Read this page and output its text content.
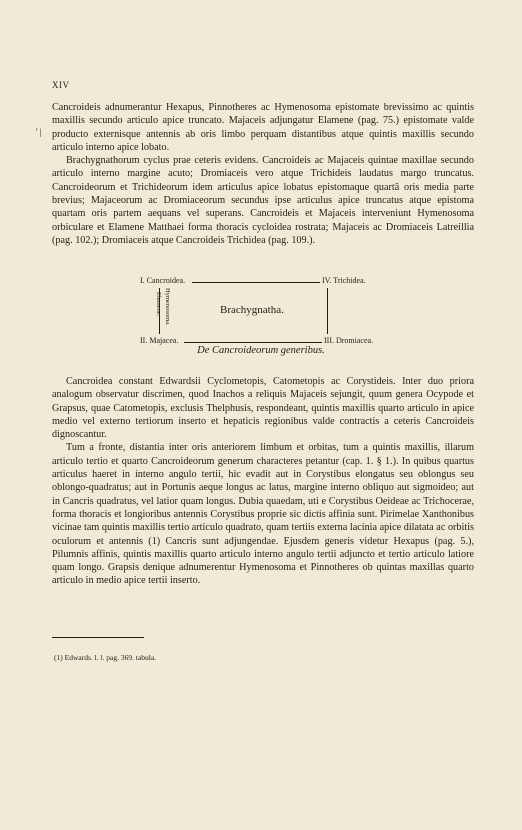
XIV
' |

Cancroideis adnumerantur Hexapus, Pinnotheres ac Hymenosoma epistomate brevissimo ac quintis maxillis secundo articulo apice truncato. Majaceis adjungatur Elamene (pag. 75.) epistomate valde producto externisque antennis ab oris limbo perquam distantibus atque quintis maxillis secundo articulo interno apice lobato.

Brachygnathorum cyclus prae ceteris evidens. Cancroideis ac Majaceis quintae maxillae secundo articulo interno margine acuto; Dromiaceis vero atque Trichideis laudatus margo truncatus. Cancroideorum et Trichideorum idem articulus apice lobatus epistomaque quartâ oris media parte brevius; Majaceorum ac Dromiaceorum secundus ipse articulus apice truncatus atque epistoma quartam oris partem aequans vel superans. Cancroideis et Majaceis interveniunt Hymenosoma orbiculare et Elamene Matthaei forma thoracis cycloidea rostrata; Majaceis ac Dromiaceis Latreillia (pag. 102.); Dromiaceis atque Cancroideis Trichidea (pag. 109.).

I. Cancroidea.	IV. Trichidea.
Hymenosoma.
Elamene.	Brachygnatha.
II. Majacea.	III. Dromiacea.
De Cancroideorum generibus.

Cancroidea constant Edwardsii Cyclometopis, Catometopis ac Corystideis. Inter duo priora analogum observatur discrimen, quod Inachos a reliquis Majaceis sejungit, quum genera Ocypode et Grapsus, quae Catometopis, exclusis Thelphusis, respondeant, quintis maxillis quarto articulo in apice medio vel externo tertiorum inserto et hepaticis regionibus valde contractis a ceteris Cancroideis dignoscantur.

Tum a fronte, distantia inter oris anteriorem limbum et orbitas, tum a quintis maxillis, illarum articulo tertio et quarto Cancroideorum generum characteres petantur (cap. 1. § 1.). In quibus quartus articulus haeret in interno angulo tertii, hic evadit aut in Corystibus elongatus seu oblongus seu oblongo-quadratus; aut in Portunis aeque longus ac latus, margine interno obliquo aut sigmoideo; aut in Cancris quadratus, vel latior quam longus. Dubia quaedam, uti e Corystibus Oeideae ac Trichocerae, forma thoracis et longioribus antennis Corystibus proprie sic dictis affinia sunt. Pirimelae Xanthonibus vicinae tam quintis maxillis tertio articulo quadrato, quam tertiis externa lacinia apice dilatata ac orbitis oculorum et antennis (1) Cancris sunt adjungendae. Ejusdem generis videtur Hexapus (pag. 5.), Pilumnis affinis, quintis maxillis quarto articulo interno angulo tertii adjuncto et tertio articulo latiore quam longo. Grapsis denique adnumerentur Hymenosoma et Pinnotheres ob quintas maxillas quarto articulo in medio apice tertii inserto.

(1) Edwards. l. l. pag. 369. tabula.
